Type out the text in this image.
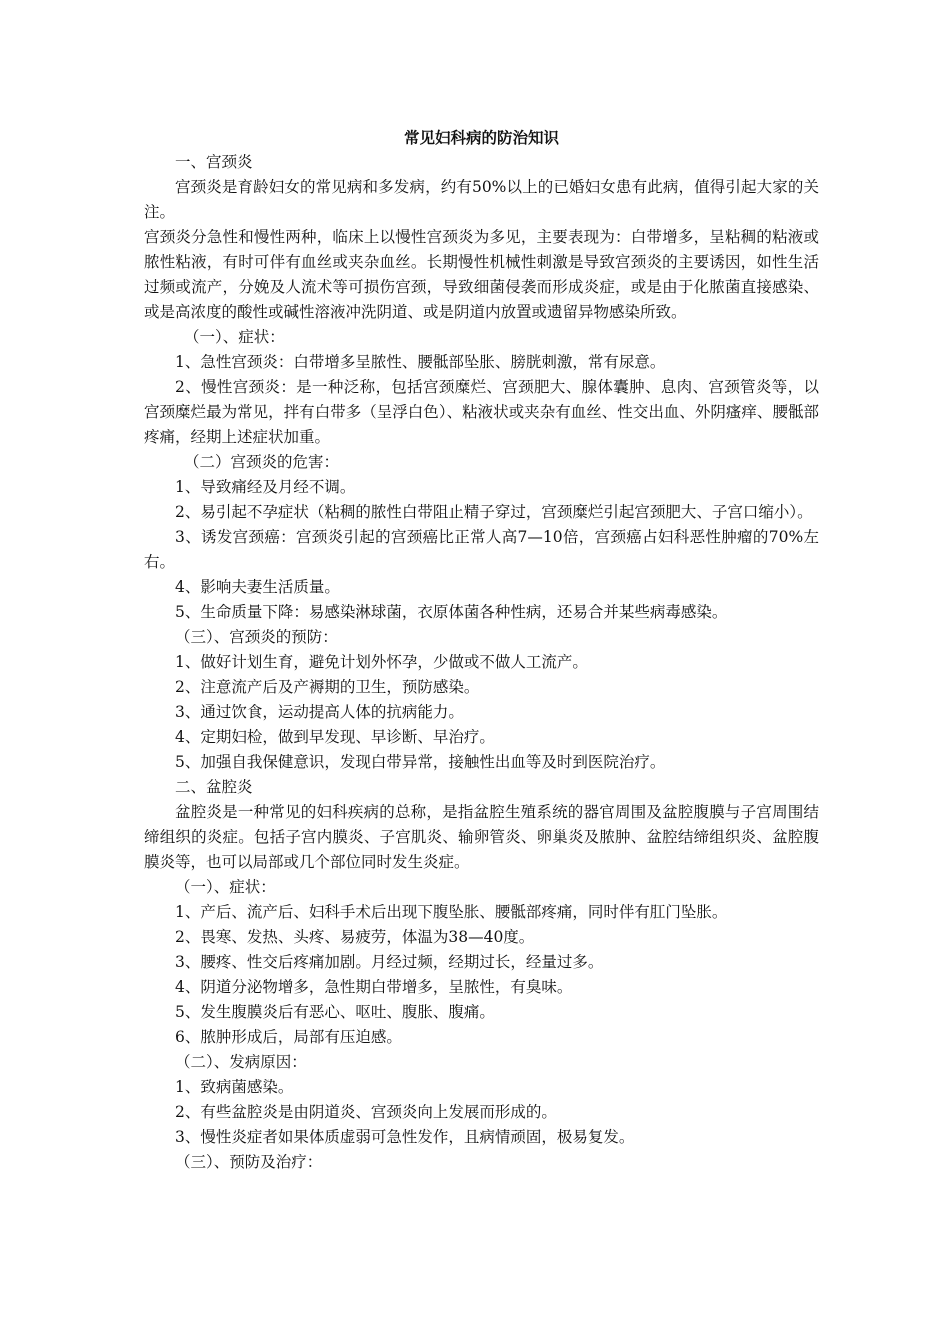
常见妇科病的防治知识

一、宫颈炎

宫颈炎是育龄妇女的常见病和多发病，约有50%以上的已婚妇女患有此病，值得引起大家的关注。

宫颈炎分急性和慢性两种，临床上以慢性宫颈炎为多见，主要表现为：白带增多，呈粘稠的粘液或脓性粘液，有时可伴有血丝或夹杂血丝。长期慢性机械性刺激是导致宫颈炎的主要诱因，如性生活过频或流产，分娩及人流术等可损伤宫颈，导致细菌侵袭而形成炎症，或是由于化脓菌直接感染、或是高浓度的酸性或碱性溶液冲洗阴道、或是阴道内放置或遗留异物感染所致。

（一）、症状：

1、急性宫颈炎：白带增多呈脓性、腰骶部坠胀、膀胱刺激，常有尿意。

2、慢性宫颈炎：是一种泛称，包括宫颈糜烂、宫颈肥大、腺体囊肿、息肉、宫颈管炎等，以宫颈糜烂最为常见，拌有白带多（呈浮白色）、粘液状或夹杂有血丝、性交出血、外阴瘙痒、腰骶部疼痛，经期上述症状加重。

（二）宫颈炎的危害：

1、导致痛经及月经不调。

2、易引起不孕症状（粘稠的脓性白带阻止精子穿过，宫颈糜烂引起宫颈肥大、子宫口缩小）。

3、诱发宫颈癌：宫颈炎引起的宫颈癌比正常人高7—10倍，宫颈癌占妇科恶性肿瘤的70%左右。

4、影响夫妻生活质量。

5、生命质量下降：易感染淋球菌，衣原体菌各种性病，还易合并某些病毒感染。

（三）、宫颈炎的预防：

1、做好计划生育，避免计划外怀孕，少做或不做人工流产。

2、注意流产后及产褥期的卫生，预防感染。

3、通过饮食，运动提高人体的抗病能力。

4、定期妇检，做到早发现、早诊断、早治疗。

5、加强自我保健意识，发现白带异常，接触性出血等及时到医院治疗。

二、盆腔炎

盆腔炎是一种常见的妇科疾病的总称，是指盆腔生殖系统的器官周围及盆腔腹膜与子宫周围结缔组织的炎症。包括子宫内膜炎、子宫肌炎、输卵管炎、卵巢炎及脓肿、盆腔结缔组织炎、盆腔腹膜炎等，也可以局部或几个部位同时发生炎症。

（一）、症状：

1、产后、流产后、妇科手术后出现下腹坠胀、腰骶部疼痛，同时伴有肛门坠胀。

2、畏寒、发热、头疼、易疲劳，体温为38—40度。

3、腰疼、性交后疼痛加剧。月经过频，经期过长，经量过多。

4、阴道分泌物增多，急性期白带增多，呈脓性，有臭味。

5、发生腹膜炎后有恶心、呕吐、腹胀、腹痛。

6、脓肿形成后，局部有压迫感。

（二）、发病原因：

1、致病菌感染。

2、有些盆腔炎是由阴道炎、宫颈炎向上发展而形成的。

3、慢性炎症者如果体质虚弱可急性发作，且病情顽固，极易复发。

（三）、预防及治疗：
